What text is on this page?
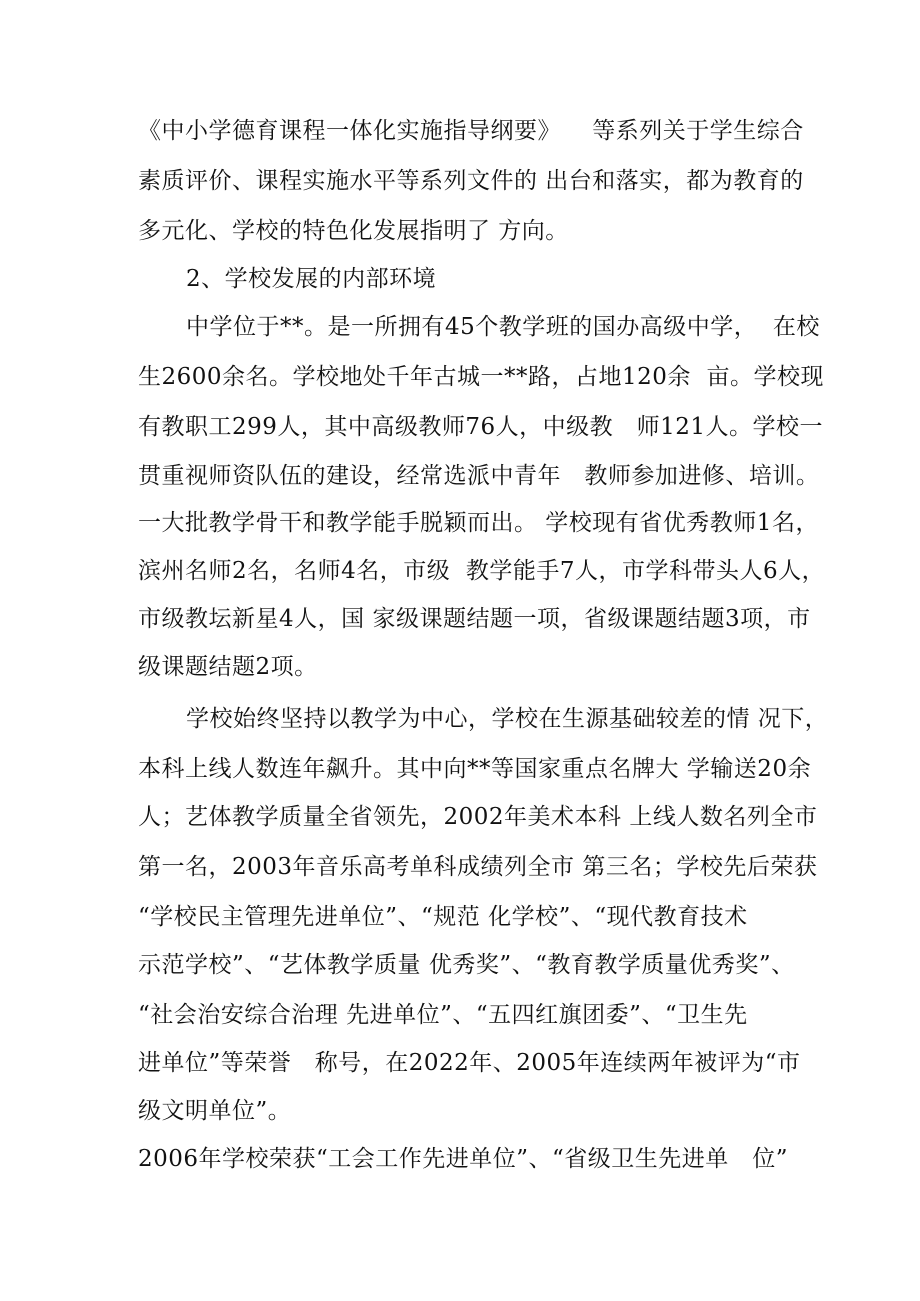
《中小学德育课程一体化实施指导纲要》    等系列关于学生综合
素质评价、课程实施水平等系列文件的 出台和落实，都为教育的
多元化、学校的特色化发展指明了 方向。
2、学校发展的内部环境
中学位于**。是一所拥有45个教学班的国办高级中学，  在校
生2600余名。学校地处千年古城一**路，占地120余  亩。学校现
有教职工299人，其中高级教师76人，中级教   师121人。学校一
贯重视师资队伍的建设，经常选派中青年   教师参加进修、培训。
一大批教学骨干和教学能手脱颖而出。 学校现有省优秀教师1名，
滨州名师2名，名师4名，市级  教学能手7人，市学科带头人6人，
市级教坛新星4人，国 家级课题结题一项，省级课题结题3项，市
级课题结题2项。
学校始终坚持以教学为中心，学校在生源基础较差的情 况下，
本科上线人数连年飙升。其中向**等国家重点名牌大 学输送20余
人；艺体教学质量全省领先，2002年美术本科 上线人数名列全市
第一名，2003年音乐高考单科成绩列全市 第三名；学校先后荣获
“学校民主管理先进单位”、“规范 化学校”、“现代教育技术
示范学校”、“艺体教学质量 优秀奖”、“教育教学质量优秀奖”、
“社会治安综合治理 先进单位”、“五四红旗团委”、“卫生先
进单位”等荣誉   称号，在2022年、2005年连续两年被评为“市
级文明单位”。
2006年学校荣获“工会工作先进单位”、“省级卫生先进单   位”
